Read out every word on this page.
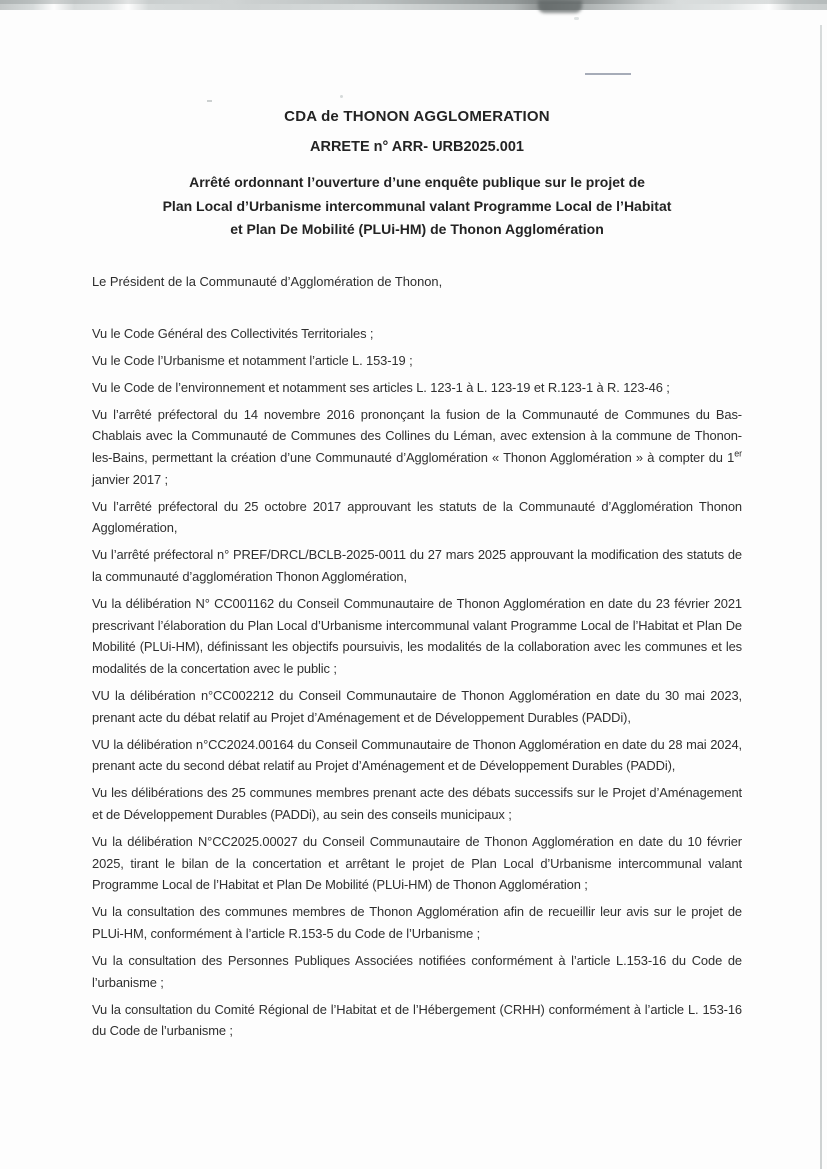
CDA de THONON AGGLOMERATION
ARRETE n° ARR- URB2025.001
Arrêté ordonnant l’ouverture d’une enquête publique sur le projet de
Plan Local d’Urbanisme intercommunal valant Programme Local de l’Habitat
et Plan De Mobilité (PLUi-HM) de Thonon Agglomération
Le Président de la Communauté d’Agglomération de Thonon,

Vu le Code Général des Collectivités Territoriales ;

Vu le Code l’Urbanisme et notamment l’article L. 153-19 ;

Vu le Code de l’environnement et notamment ses articles L. 123-1 à L. 123-19 et R.123-1 à R. 123-46 ;

Vu l’arrêté préfectoral du 14 novembre 2016 prononçant la fusion de la Communauté de Communes du Bas-Chablais avec la Communauté de Communes des Collines du Léman, avec extension à la commune de Thonon-les-Bains, permettant la création d’une Communauté d’Agglomération « Thonon Agglomération » à compter du 1er janvier 2017 ;

Vu l’arrêté préfectoral du 25 octobre 2017 approuvant les statuts de la Communauté d’Agglomération Thonon Agglomération,

Vu l’arrêté préfectoral n° PREF/DRCL/BCLB-2025-0011 du 27 mars 2025 approuvant la modification des statuts de la communauté d’agglomération Thonon Agglomération,

Vu la délibération N° CC001162 du Conseil Communautaire de Thonon Agglomération en date du 23 février 2021 prescrivant l’élaboration du Plan Local d’Urbanisme intercommunal valant Programme Local de l’Habitat et Plan De Mobilité (PLUi-HM), définissant les objectifs poursuivis, les modalités de la collaboration avec les communes et les modalités de la concertation avec le public ;

VU la délibération n°CC002212 du Conseil Communautaire de Thonon Agglomération en date du 30 mai 2023, prenant acte du débat relatif au Projet d’Aménagement et de Développement Durables (PADDi),

VU la délibération n°CC2024.00164 du Conseil Communautaire de Thonon Agglomération en date du 28 mai 2024, prenant acte du second débat relatif au Projet d’Aménagement et de Développement Durables (PADDi),

Vu les délibérations des 25 communes membres prenant acte des débats successifs sur le Projet d’Aménagement et de Développement Durables (PADDi), au sein des conseils municipaux ;

Vu la délibération N°CC2025.00027 du Conseil Communautaire de Thonon Agglomération en date du 10 février 2025, tirant le bilan de la concertation et arrêtant le projet de Plan Local d’Urbanisme intercommunal valant Programme Local de l’Habitat et Plan De Mobilité (PLUi-HM) de Thonon Agglomération ;

Vu la consultation des communes membres de Thonon Agglomération afin de recueillir leur avis sur le projet de PLUi-HM, conformément à l’article R.153-5 du Code de l’Urbanisme ;

Vu la consultation des Personnes Publiques Associées notifiées conformément à l’article L.153-16 du Code de l’urbanisme ;

Vu la consultation du Comité Régional de l’Habitat et de l’Hébergement (CRHH) conformément à l’article L. 153-16 du Code de l’urbanisme ;
